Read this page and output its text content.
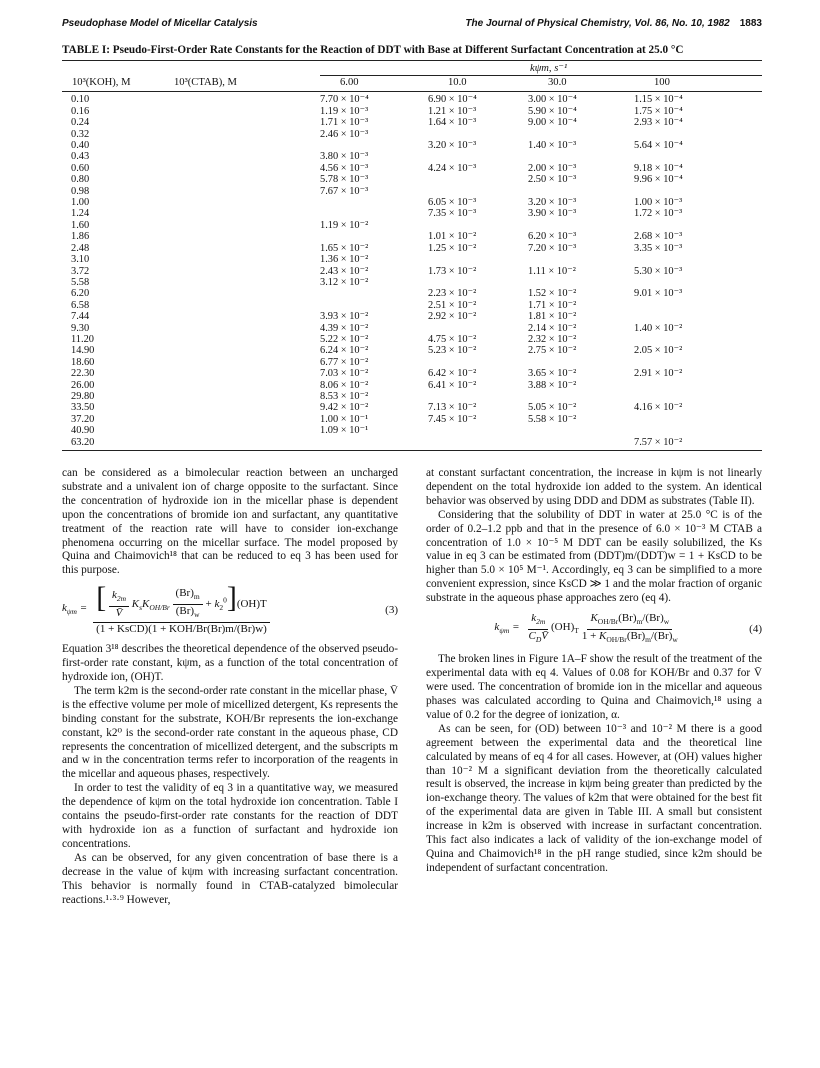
Pseudophase Model of Micellar Catalysis	The Journal of Physical Chemistry, Vol. 86, No. 10, 1982 1883
TABLE I: Pseudo-First-Order Rate Constants for the Reaction of DDT with Base at Different Surfactant Concentration at 25.0 °C
kψm, s⁻¹
10³(KOH), M	10³(CTAB), M	6.00	10.0	30.0	100

0.10		7.70 × 10⁻⁴	6.90 × 10⁻⁴	3.00 × 10⁻⁴	1.15 × 10⁻⁴
0.16		1.19 × 10⁻³	1.21 × 10⁻³	5.90 × 10⁻⁴	1.75 × 10⁻⁴
0.24		1.71 × 10⁻³	1.64 × 10⁻³	9.00 × 10⁻⁴	2.93 × 10⁻⁴
0.32		2.46 × 10⁻³			
0.40			3.20 × 10⁻³	1.40 × 10⁻³	5.64 × 10⁻⁴
0.43		3.80 × 10⁻³			
0.60		4.56 × 10⁻³	4.24 × 10⁻³	2.00 × 10⁻³	9.18 × 10⁻⁴
0.80		5.78 × 10⁻³		2.50 × 10⁻³	9.96 × 10⁻⁴
0.98		7.67 × 10⁻³			
1.00			6.05 × 10⁻³	3.20 × 10⁻³	1.00 × 10⁻³
1.24			7.35 × 10⁻³	3.90 × 10⁻³	1.72 × 10⁻³
1.60		1.19 × 10⁻²			
1.86			1.01 × 10⁻²	6.20 × 10⁻³	2.68 × 10⁻³
2.48		1.65 × 10⁻²	1.25 × 10⁻²	7.20 × 10⁻³	3.35 × 10⁻³
3.10		1.36 × 10⁻²			
3.72		2.43 × 10⁻²	1.73 × 10⁻²	1.11 × 10⁻²	5.30 × 10⁻³
5.58		3.12 × 10⁻²			
6.20			2.23 × 10⁻²	1.52 × 10⁻²	9.01 × 10⁻³
6.58			2.51 × 10⁻²	1.71 × 10⁻²	
7.44		3.93 × 10⁻²	2.92 × 10⁻²	1.81 × 10⁻²	
9.30		4.39 × 10⁻²		2.14 × 10⁻²	1.40 × 10⁻²
11.20		5.22 × 10⁻²	4.75 × 10⁻²	2.32 × 10⁻²	
14.90		6.24 × 10⁻²	5.23 × 10⁻²	2.75 × 10⁻²	2.05 × 10⁻²
18.60		6.77 × 10⁻²			
22.30		7.03 × 10⁻²	6.42 × 10⁻²	3.65 × 10⁻²	2.91 × 10⁻²
26.00		8.06 × 10⁻²	6.41 × 10⁻²	3.88 × 10⁻²	
29.80		8.53 × 10⁻²			
33.50		9.42 × 10⁻²	7.13 × 10⁻²	5.05 × 10⁻²	4.16 × 10⁻²
37.20		1.00 × 10⁻¹	7.45 × 10⁻²	5.58 × 10⁻²	
40.90		1.09 × 10⁻¹			
63.20					7.57 × 10⁻²

can be considered as a bimolecular reaction between an uncharged substrate and a univalent ion of charge opposite to the surfactant. Since the concentration of hydroxide ion in the micellar phase is dependent upon the concentrations of bromide ion and surfactant, any quantitative treatment of the reaction rate will have to consider ion-exchange phenomena occurring on the micellar surface. The model proposed by Quina and Chaimovich¹⁸ that can be reduced to eq 3 has been used for this purpose.

$k_{\psi m}$ = [ $\frac{k_{2m}}{V̄} K_sK_{OH/Br} \frac{(Br)_m}{(Br)_w} + k_2^0](OH)T$
(1 + KsCD)(1 + KOH/Br(Br)m/(Br)w)
(3)

Equation 3¹⁸ describes the theoretical dependence of the observed pseudo-first-order rate constant, kψm, as a function of the total concentration of hydroxide ion, (OH)T.

The term k2m is the second-order rate constant in the micellar phase, V̄ is the effective volume per mole of micellized detergent, Ks represents the binding constant for the substrate, KOH/Br represents the ion-exchange constant, k2⁰ is the second-order rate constant in the aqueous phase, CD represents the concentration of micellized detergent, and the subscripts m and w in the concentration terms refer to incorporation of the reagents in the micellar and aqueous phases, respectively.

In order to test the validity of eq 3 in a quantitative way, we measured the dependence of kψm on the total hydroxide ion concentration. Table I contains the pseudo-first-order rate constants for the reaction of DDT with hydroxide ion as a function of surfactant and hydroxide ion concentrations.

As can be observed, for any given concentration of base there is a decrease in the value of kψm with increasing surfactant concentration. This behavior is normally found in CTAB-catalyzed bimolecular reactions.¹·³·⁹ However,

at constant surfactant concentration, the increase in kψm is not linearly dependent on the total hydroxide ion added to the system. An identical behavior was observed by using DDD and DDM as substrates (Table II).

Considering that the solubility of DDT in water at 25.0 °C is of the order of 0.2–1.2 ppb and that in the presence of 6.0 × 10⁻³ M CTAB a concentration of 1.0 × 10⁻⁵ M DDT can be easily solubilized, the Ks value in eq 3 can be estimated from (DDT)m/(DDT)w = 1 + KsCD to be higher than 5.0 × 10⁵ M⁻¹. Accordingly, eq 3 can be simplified to a more convenient expression, since KsCD ≫ 1 and the molar fraction of organic substrate in the aqueous phase approaches zero (eq 4).

$k_{\psi m} = \frac{k_{2m}}{C_DV̄} (OH)_T \frac{K_{OH/Br}(Br)_m/(Br)_w}{1 + K_{OH/Br}(Br)_m/(Br)_w}$	(4)

The broken lines in Figure 1A–F show the result of the treatment of the experimental data with eq 4. Values of 0.08 for KOH/Br and 0.37 for V̄ were used. The concentration of bromide ion in the micellar and aqueous phases was calculated according to Quina and Chaimovich,¹⁸ using a value of 0.2 for the degree of ionization, α.

As can be seen, for (OD) between 10⁻³ and 10⁻² M there is a good agreement between the experimental data and the theoretical line calculated by means of eq 4 for all cases. However, at (OH) values higher than 10⁻² M a significant deviation from the theoretically calculated result is observed, the increase in kψm being greater than predicted by the ion-exchange theory. The values of k2m that were obtained for the best fit of the experimental data are given in Table III. A small but consistent increase in k2m is observed with increase in surfactant concentration. This fact also indicates a lack of validity of the ion-exchange model of Quina and Chaimovich¹⁸ in the pH range studied, since k2m should be independent of surfactant concentration.
